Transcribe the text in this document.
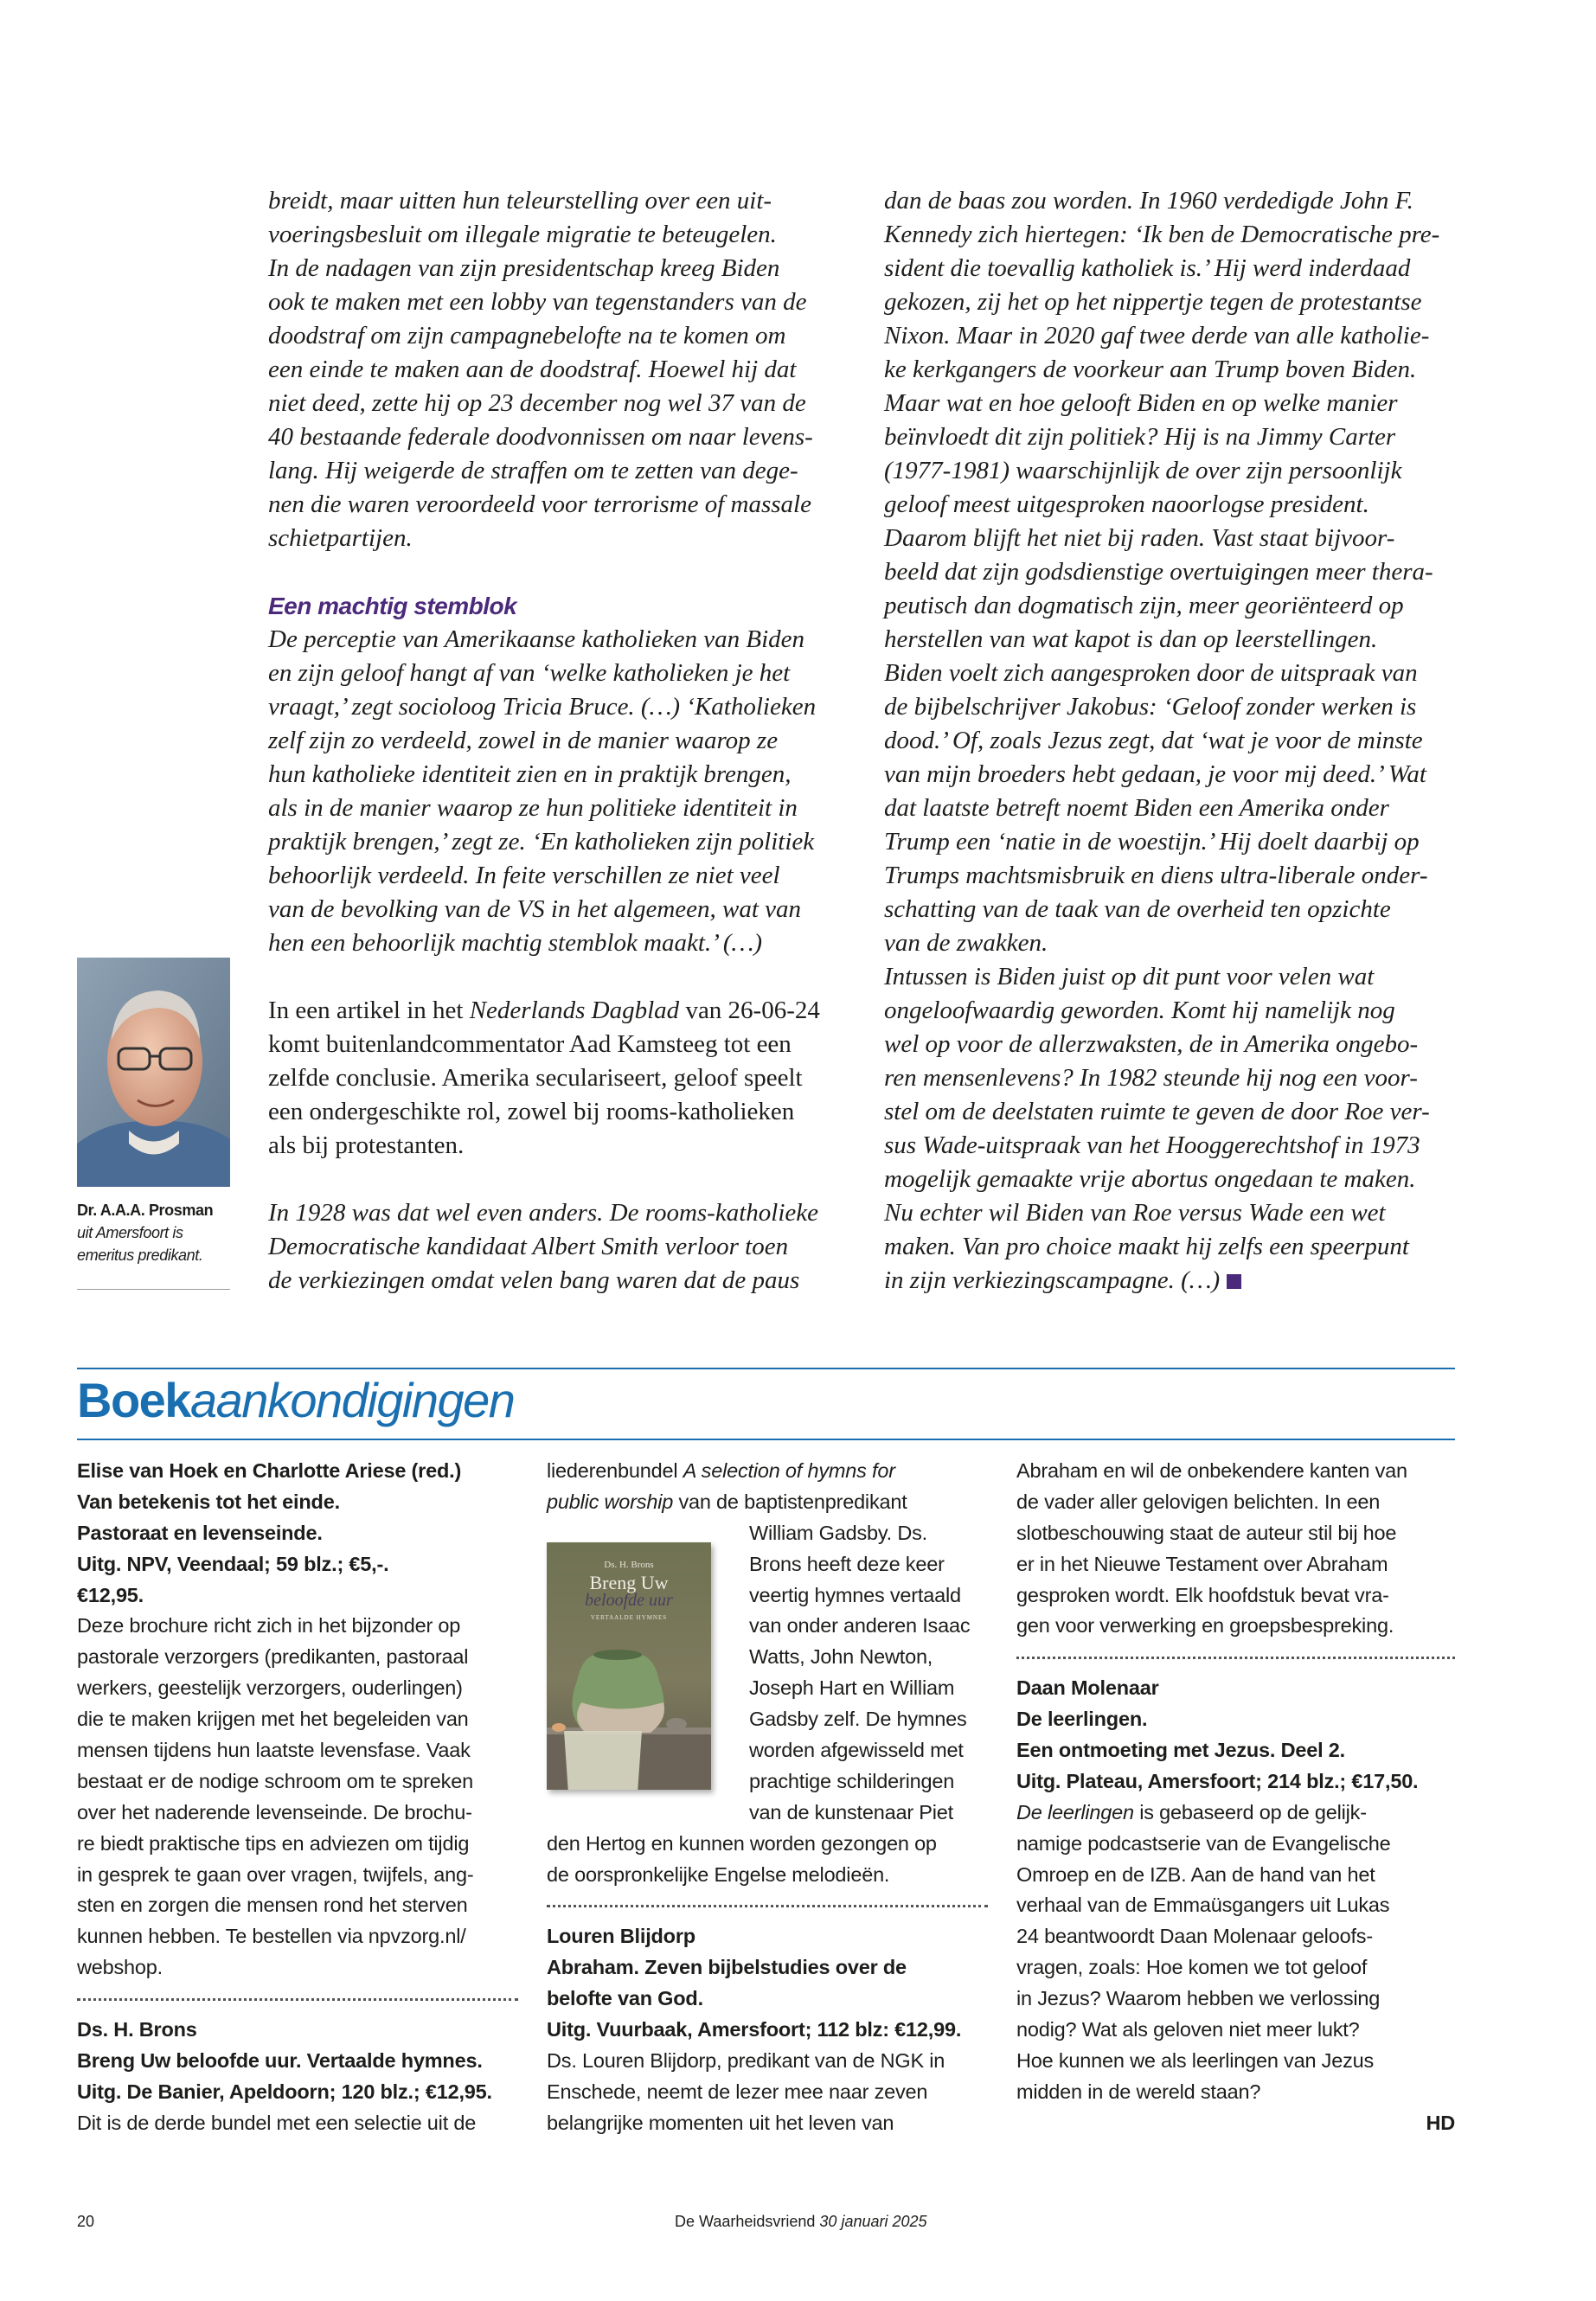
breidt, maar uitten hun teleurstelling over een uit-
voeringsbesluit om illegale migratie te beteugelen.
In de nadagen van zijn presidentschap kreeg Biden
ook te maken met een lobby van tegenstanders van de
doodstraf om zijn campagnebelofte na te komen om
een einde te maken aan de doodstraf. Hoewel hij dat
niet deed, zette hij op 23 december nog wel 37 van de
40 bestaande federale doodvonnissen om naar levens-
lang. Hij weigerde de straffen om te zetten van dege-
nen die waren veroordeeld voor terrorisme of massale
schietpartijen.
Een machtig stemblok
De perceptie van Amerikaanse katholieken van Biden
en zijn geloof hangt af van ‘welke katholieken je het
vraagt,’ zegt socioloog Tricia Bruce. (…) ‘Katholieken
zelf zijn zo verdeeld, zowel in de manier waarop ze
hun katholieke identiteit zien en in praktijk brengen,
als in de manier waarop ze hun politieke identiteit in
praktijk brengen,’ zegt ze. ‘En katholieken zijn politiek
behoorlijk verdeeld. In feite verschillen ze niet veel
van de bevolking van de VS in het algemeen, wat van
hen een behoorlijk machtig stemblok maakt.’ (…)
In een artikel in het Nederlands Dagblad van 26-06-24
komt buitenlandcommentator Aad Kamsteeg tot een
zelfde conclusie. Amerika seculariseert, geloof speelt
een ondergeschikte rol, zowel bij rooms-katholieken
als bij protestanten.
In 1928 was dat wel even anders. De rooms-katholieke
Democratische kandidaat Albert Smith verloor toen
de verkiezingen omdat velen bang waren dat de paus
dan de baas zou worden. In 1960 verdedigde John F.
Kennedy zich hiertegen: ‘Ik ben de Democratische pre-
sident die toevallig katholiek is.’ Hij werd inderdaad
gekozen, zij het op het nippertje tegen de protestantse
Nixon. Maar in 2020 gaf twee derde van alle katholie-
ke kerkgangers de voorkeur aan Trump boven Biden.
Maar wat en hoe gelooft Biden en op welke manier
beïnvloedt dit zijn politiek? Hij is na Jimmy Carter
(1977-1981) waarschijnlijk de over zijn persoonlijk
geloof meest uitgesproken naoorlogse president.
Daarom blijft het niet bij raden. Vast staat bijvoor-
beeld dat zijn godsdienstige overtuigingen meer thera-
peutisch dan dogmatisch zijn, meer georiënteerd op
herstellen van wat kapot is dan op leerstellingen.
Biden voelt zich aangesproken door de uitspraak van
de bijbelschrijver Jakobus: ‘Geloof zonder werken is
dood.’ Of, zoals Jezus zegt, dat ‘wat je voor de minste
van mijn broeders hebt gedaan, je voor mij deed.’ Wat
dat laatste betreft noemt Biden een Amerika onder
Trump een ‘natie in de woestijn.’ Hij doelt daarbij op
Trumps machtsmisbruik en diens ultra-liberale onder-
schatting van de taak van de overheid ten opzichte
van de zwakken.
Intussen is Biden juist op dit punt voor velen wat
ongeloofwaardig geworden. Komt hij namelijk nog
wel op voor de allerzwaksten, de in Amerika ongebo-
ren mensenlevens? In 1982 steunde hij nog een voor-
stel om de deelstaten ruimte te geven de door Roe ver-
sus Wade-uitspraak van het Hooggerechtshof in 1973
mogelijk gemaakte vrije abortus ongedaan te maken.
Nu echter wil Biden van Roe versus Wade een wet
maken. Van pro choice maakt hij zelfs een speerpunt
in zijn verkiezingscampagne. (…)
Dr. A.A.A. Prosman
uit Amersfoort is
emeritus predikant.
Boekaankondigingen
Elise van Hoek en Charlotte Ariese (red.)
Van betekenis tot het einde.
Pastoraat en levenseinde.
Uitg. NPV, Veendaal; 59 blz.; €5,-.
€12,95.
Deze brochure richt zich in het bijzonder op
pastorale verzorgers (predikanten, pastoraal
werkers, geestelijk verzorgers, ouderlingen)
die te maken krijgen met het begeleiden van
mensen tijdens hun laatste levensfase. Vaak
bestaat er de nodige schroom om te spreken
over het naderende levenseinde. De brochu-
re biedt praktische tips en adviezen om tijdig
in gesprek te gaan over vragen, twijfels, ang-
sten en zorgen die mensen rond het sterven
kunnen hebben. Te bestellen via npvzorg.nl/
webshop.
Ds. H. Brons
Breng Uw beloofde uur. Vertaalde hymnes.
Uitg. De Banier, Apeldoorn; 120 blz.; €12,95.
Dit is de derde bundel met een selectie uit de
liederenbundel A selection of hymns for
public worship van de baptistenpredikant
William Gadsby. Ds.
Brons heeft deze keer
veertig hymnes vertaald
van onder anderen Isaac
Watts, John Newton,
Joseph Hart en William
Gadsby zelf. De hymnes
worden afgewisseld met
prachtige schilderingen
van de kunstenaar Piet
den Hertog en kunnen worden gezongen op
de oorspronkelijke Engelse melodieën.
Louren Blijdorp
Abraham. Zeven bijbelstudies over de
belofte van God.
Uitg. Vuurbaak, Amersfoort; 112 blz: €12,99.
Ds. Louren Blijdorp, predikant van de NGK in
Enschede, neemt de lezer mee naar zeven
belangrijke momenten uit het leven van
Abraham en wil de onbekendere kanten van
de vader aller gelovigen belichten. In een
slotbeschouwing staat de auteur stil bij hoe
er in het Nieuwe Testament over Abraham
gesproken wordt. Elk hoofdstuk bevat vra-
gen voor verwerking en groepsbespreking.
Daan Molenaar
De leerlingen.
Een ontmoeting met Jezus. Deel 2.
Uitg. Plateau, Amersfoort; 214 blz.; €17,50.
De leerlingen is gebaseerd op de gelijk-
namige podcastserie van de Evangelische
Omroep en de IZB. Aan de hand van het
verhaal van de Emmaüsgangers uit Lukas
24 beantwoordt Daan Molenaar geloofs-
vragen, zoals: Hoe komen we tot geloof
in Jezus? Waarom hebben we verlossing
nodig? Wat als geloven niet meer lukt?
Hoe kunnen we als leerlingen van Jezus
midden in de wereld staan?
HD
Ds. H. Brons
Breng Uw
beloofde uur
VERTAALDE HYMNES
20	De Waarheidsvriend 30 januari 2025
